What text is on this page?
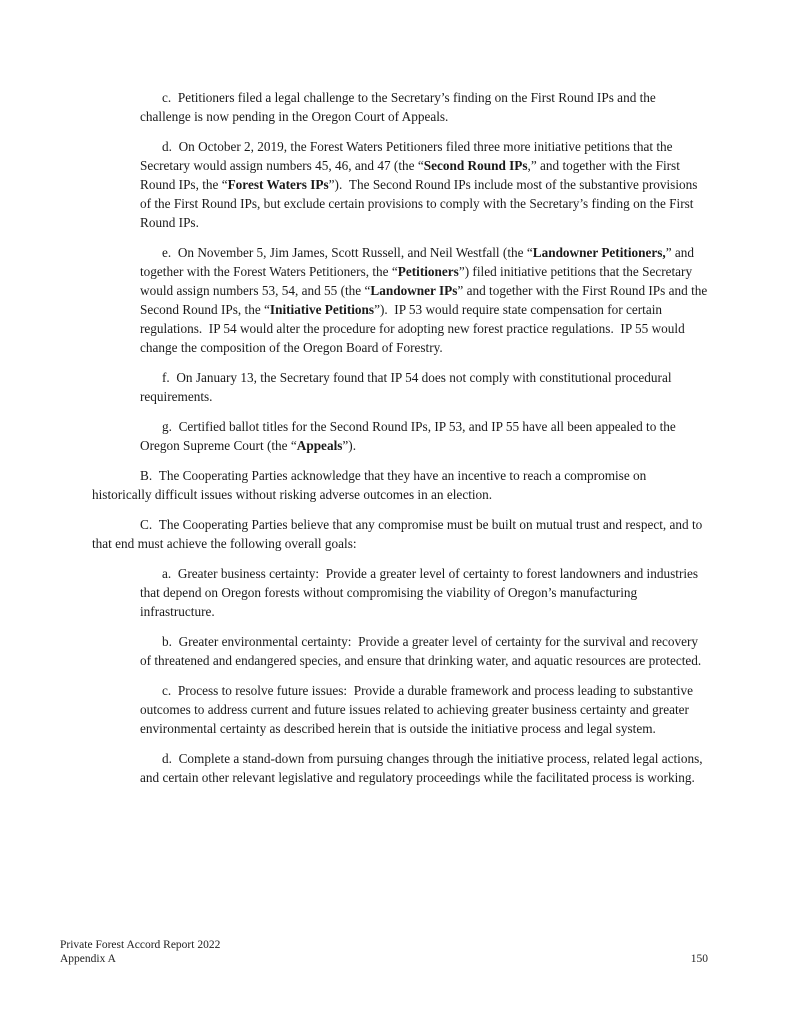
c.  Petitioners filed a legal challenge to the Secretary’s finding on the First Round IPs and the challenge is now pending in the Oregon Court of Appeals.

d.  On October 2, 2019, the Forest Waters Petitioners filed three more initiative petitions that the Secretary would assign numbers 45, 46, and 47 (the “Second Round IPs,” and together with the First Round IPs, the “Forest Waters IPs”).  The Second Round IPs include most of the substantive provisions of the First Round IPs, but exclude certain provisions to comply with the Secretary’s finding on the First Round IPs.

e.  On November 5, Jim James, Scott Russell, and Neil Westfall (the “Landowner Petitioners,” and together with the Forest Waters Petitioners, the “Petitioners”) filed initiative petitions that the Secretary would assign numbers 53, 54, and 55 (the “Landowner IPs” and together with the First Round IPs and the Second Round IPs, the “Initiative Petitions”).  IP 53 would require state compensation for certain regulations.  IP 54 would alter the procedure for adopting new forest practice regulations.  IP 55 would change the composition of the Oregon Board of Forestry.

f.  On January 13, the Secretary found that IP 54 does not comply with constitutional procedural requirements.

g.  Certified ballot titles for the Second Round IPs, IP 53, and IP 55 have all been appealed to the Oregon Supreme Court (the “Appeals”).

B.  The Cooperating Parties acknowledge that they have an incentive to reach a compromise on historically difficult issues without risking adverse outcomes in an election.

C.  The Cooperating Parties believe that any compromise must be built on mutual trust and respect, and to that end must achieve the following overall goals:

a.  Greater business certainty:  Provide a greater level of certainty to forest landowners and industries that depend on Oregon forests without compromising the viability of Oregon’s manufacturing infrastructure.

b.  Greater environmental certainty:  Provide a greater level of certainty for the survival and recovery of threatened and endangered species, and ensure that drinking water, and aquatic resources are protected.

c.  Process to resolve future issues:  Provide a durable framework and process leading to substantive outcomes to address current and future issues related to achieving greater business certainty and greater environmental certainty as described herein that is outside the initiative process and legal system.

d.  Complete a stand-down from pursuing changes through the initiative process, related legal actions, and certain other relevant legislative and regulatory proceedings while the facilitated process is working.

Private Forest Accord Report 2022
Appendix A	150
